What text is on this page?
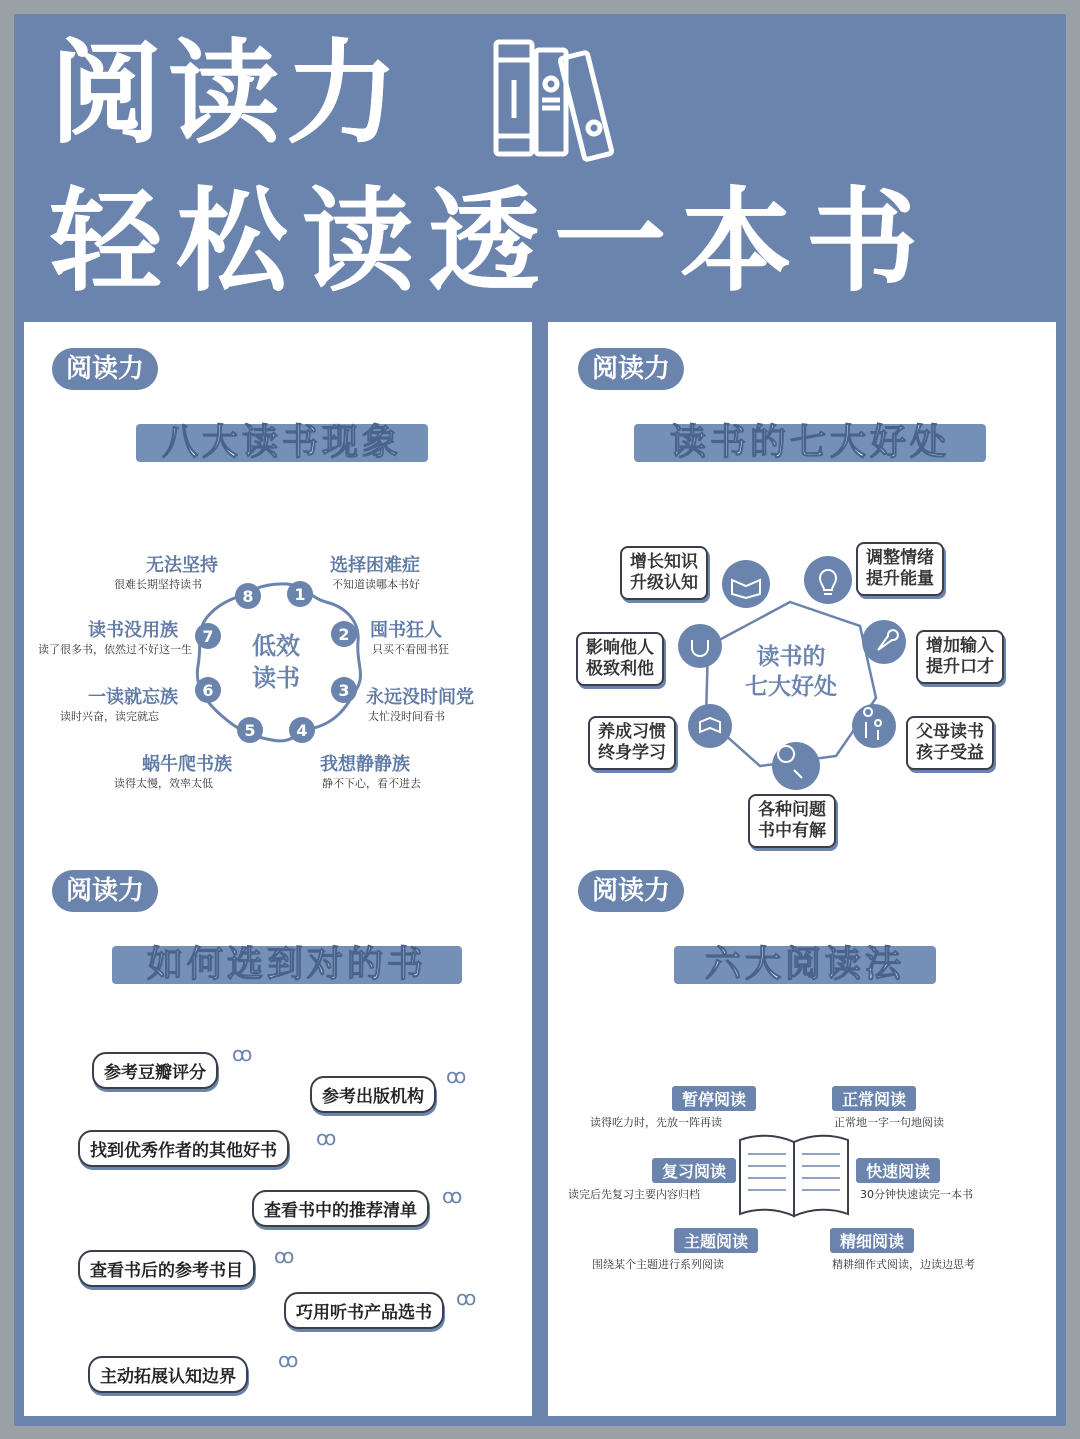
阅读力
轻松读透一本书
阅读力
八大读书现象
低效
读书
1
2
3
4
5
6
7
8
选择困难症
不知道读哪本书好
囤书狂人
只买不看囤书狂
永远没时间党
太忙没时间看书
我想静静族
静不下心，看不进去
蜗牛爬书族
读得太慢，效率太低
一读就忘族
读时兴奋，读完就忘
读书没用族
读了很多书，依然过不好这一生
无法坚持
很难长期坚持读书
阅读力
读书的七大好处
读书的
七大好处
增长知识
升级认知
调整情绪
提升能量
增加输入
提升口才
父母读书
孩子受益
各种问题
书中有解
养成习惯
终身学习
影响他人
极致利他
阅读力
如何选到对的书
参考豆瓣评分
ꝏ
参考出版机构
ꝏ
找到优秀作者的其他好书
ꝏ
查看书中的推荐清单
ꝏ
查看书后的参考书目
ꝏ
巧用听书产品选书
ꝏ
主动拓展认知边界
ꝏ
阅读力
六大阅读法
暂停阅读
读得吃力时，先放一阵再读
正常阅读
正常地一字一句地阅读
复习阅读
读完后先复习主要内容归档
快速阅读
30分钟快速读完一本书
主题阅读
围绕某个主题进行系列阅读
精细阅读
精耕细作式阅读，边读边思考
